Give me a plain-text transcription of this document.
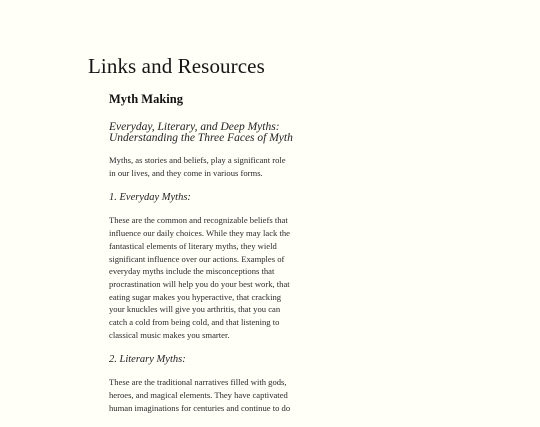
Links and Resources
Myth Making
Everyday, Literary, and Deep Myths:
Understanding the Three Faces of Myth

Myths, as stories and beliefs, play a significant role
in our lives, and they come in various forms.

1. Everyday Myths:

These are the common and recognizable beliefs that
influence our daily choices. While they may lack the
fantastical elements of literary myths, they wield
significant influence over our actions. Examples of
everyday myths include the misconceptions that
procrastination will help you do your best work, that
eating sugar makes you hyperactive, that cracking
your knuckles will give you arthritis, that you can
catch a cold from being cold, and that listening to
classical music makes you smarter.

2. Literary Myths:

These are the traditional narratives filled with gods,
heroes, and magical elements. They have captivated
human imaginations for centuries and continue to do
